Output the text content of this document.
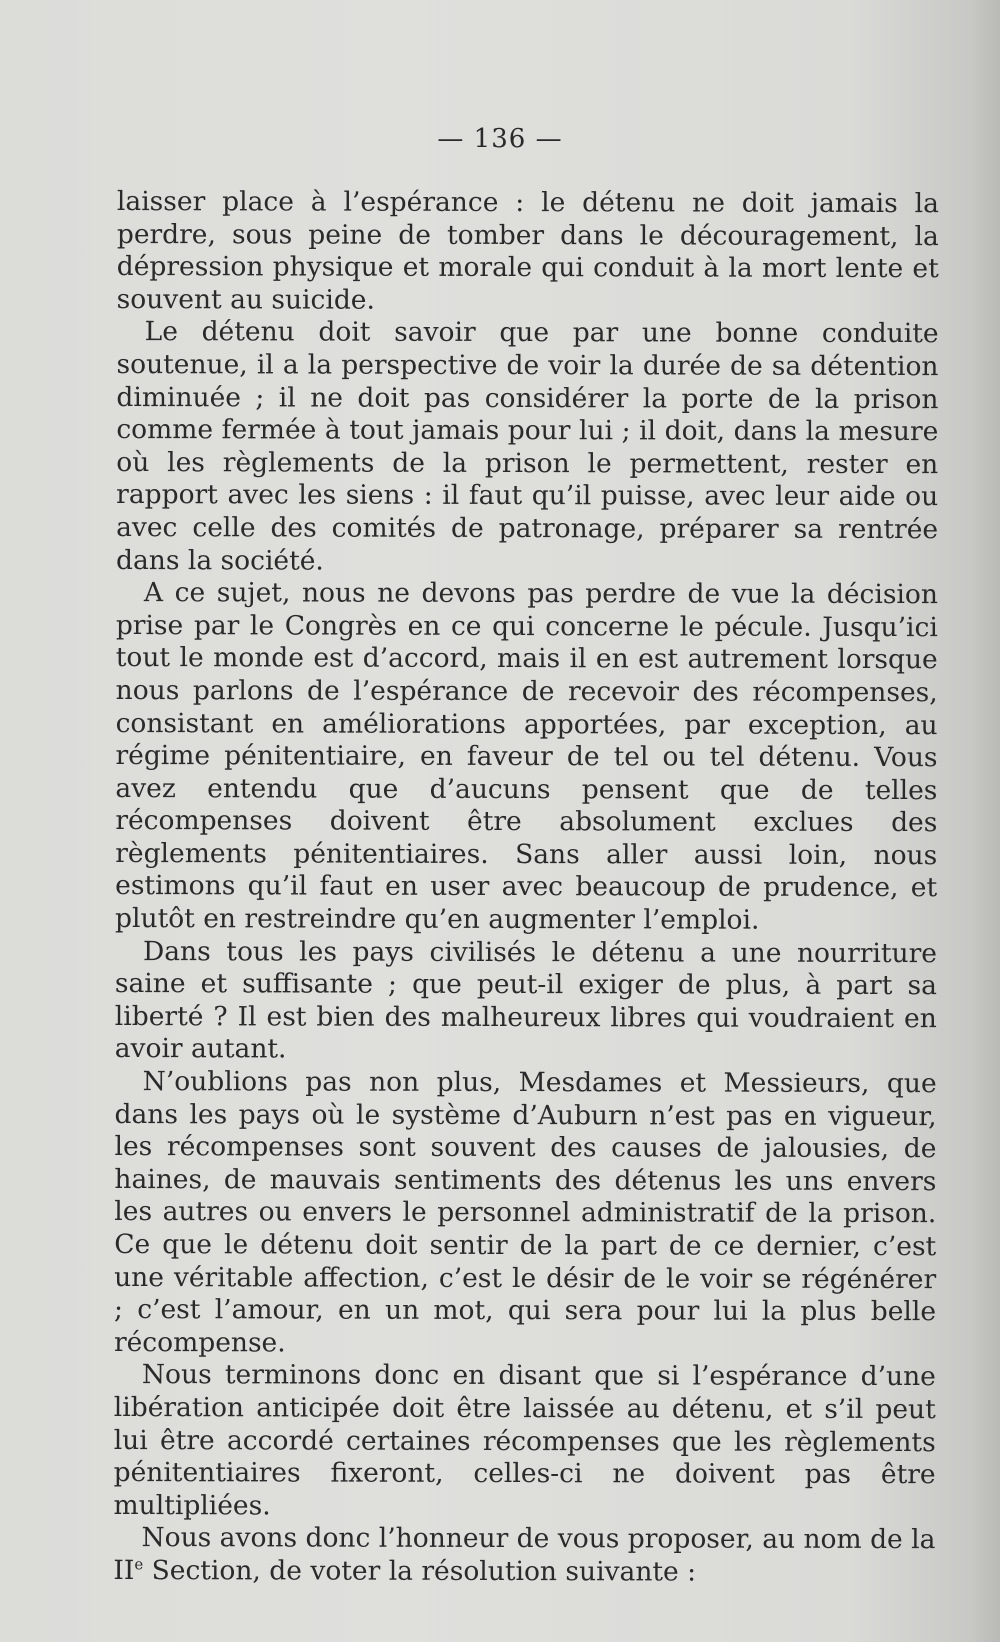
— 136 —

laisser place à l’espérance : le détenu ne doit jamais la perdre, sous peine de tomber dans le découragement, la dépression physique et morale qui conduit à la mort lente et souvent au suicide.

Le détenu doit savoir que par une bonne conduite soutenue, il a la perspective de voir la durée de sa détention diminuée ; il ne doit pas considérer la porte de la prison comme fermée à tout jamais pour lui ; il doit, dans la mesure où les règlements de la prison le permettent, rester en rapport avec les siens : il faut qu’il puisse, avec leur aide ou avec celle des comités de patronage, préparer sa rentrée dans la société.

A ce sujet, nous ne devons pas perdre de vue la décision prise par le Congrès en ce qui concerne le pécule. Jusqu’ici tout le monde est d’accord, mais il en est autrement lorsque nous parlons de l’espérance de recevoir des récompenses, consistant en améliorations apportées, par exception, au régime pénitentiaire, en faveur de tel ou tel détenu. Vous avez entendu que d’aucuns pensent que de telles récompenses doivent être absolument exclues des règlements pénitentiaires. Sans aller aussi loin, nous estimons qu’il faut en user avec beaucoup de prudence, et plutôt en restreindre qu’en augmenter l’emploi.

Dans tous les pays civilisés le détenu a une nourriture saine et suffisante ; que peut-il exiger de plus, à part sa liberté ? Il est bien des malheureux libres qui voudraient en avoir autant.

N’oublions pas non plus, Mesdames et Messieurs, que dans les pays où le système d’Auburn n’est pas en vigueur, les récompenses sont souvent des causes de jalousies, de haines, de mauvais sentiments des détenus les uns envers les autres ou envers le personnel administratif de la prison. Ce que le détenu doit sentir de la part de ce dernier, c’est une véritable affection, c’est le désir de le voir se régénérer ; c’est l’amour, en un mot, qui sera pour lui la plus belle récompense.

Nous terminons donc en disant que si l’espérance d’une libération anticipée doit être laissée au détenu, et s’il peut lui être accordé certaines récompenses que les règlements pénitentiaires fixeront, celles-ci ne doivent pas être multipliées.

Nous avons donc l’honneur de vous proposer, au nom de la IIe Section, de voter la résolution suivante :
